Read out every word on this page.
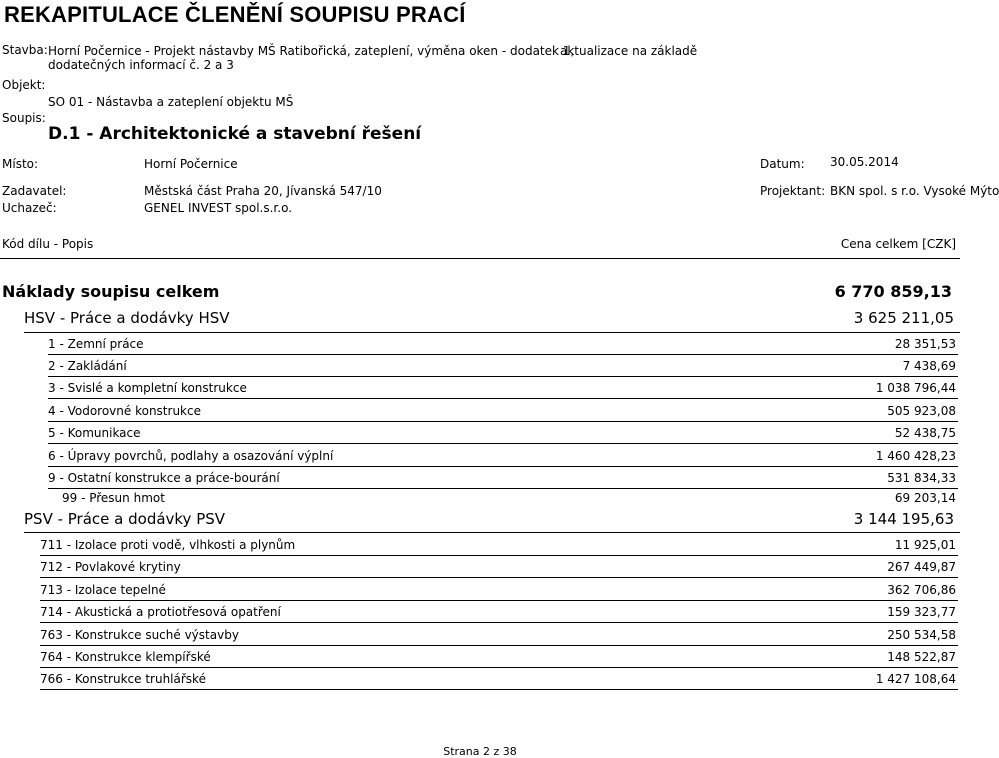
REKAPITULACE ČLENĚNÍ SOUPISU PRACÍ
Stavba: Horní Počernice - Projekt nástavby MŠ Ratibořická, zateplení, výměna oken - dodatek 1,
dodatečných informací č. 2 a 3
aktualizace na základě
Objekt:
SO 01 - Nástavba a zateplení objektu MŠ
Soupis:
D.1 - Architektonické a stavební řešení
Místo:	Horní Počernice	Datum: 30.05.2014
Zadavatel:	Městská část Praha 20, Jívanská 547/10	Projektant: BKN spol. s r.o. Vysoké Mýto
Uchazeč:	GENEL INVEST spol.s.r.o.
Kód dílu - Popis	Cena celkem [CZK]
Náklady soupisu celkem	6 770 859,13
HSV - Práce a dodávky HSV	3 625 211,05
1 - Zemní práce	28 351,53
2 - Zakládání	7 438,69
3 - Svislé a kompletní konstrukce	1 038 796,44
4 - Vodorovné konstrukce	505 923,08
5 - Komunikace	52 438,75
6 - Úpravy povrchů, podlahy a osazování výplní	1 460 428,23
9 - Ostatní konstrukce a práce-bourání	531 834,33
99 - Přesun hmot	69 203,14
PSV - Práce a dodávky PSV	3 144 195,63
711 - Izolace proti vodě, vlhkosti a plynům	11 925,01
712 - Povlakové krytiny	267 449,87
713 - Izolace tepelné	362 706,86
714 - Akustická a protiotřesová opatření	159 323,77
763 - Konstrukce suché výstavby	250 534,58
764 - Konstrukce klempířské	148 522,87
766 - Konstrukce truhlářské	1 427 108,64
Strana 2 z 38
